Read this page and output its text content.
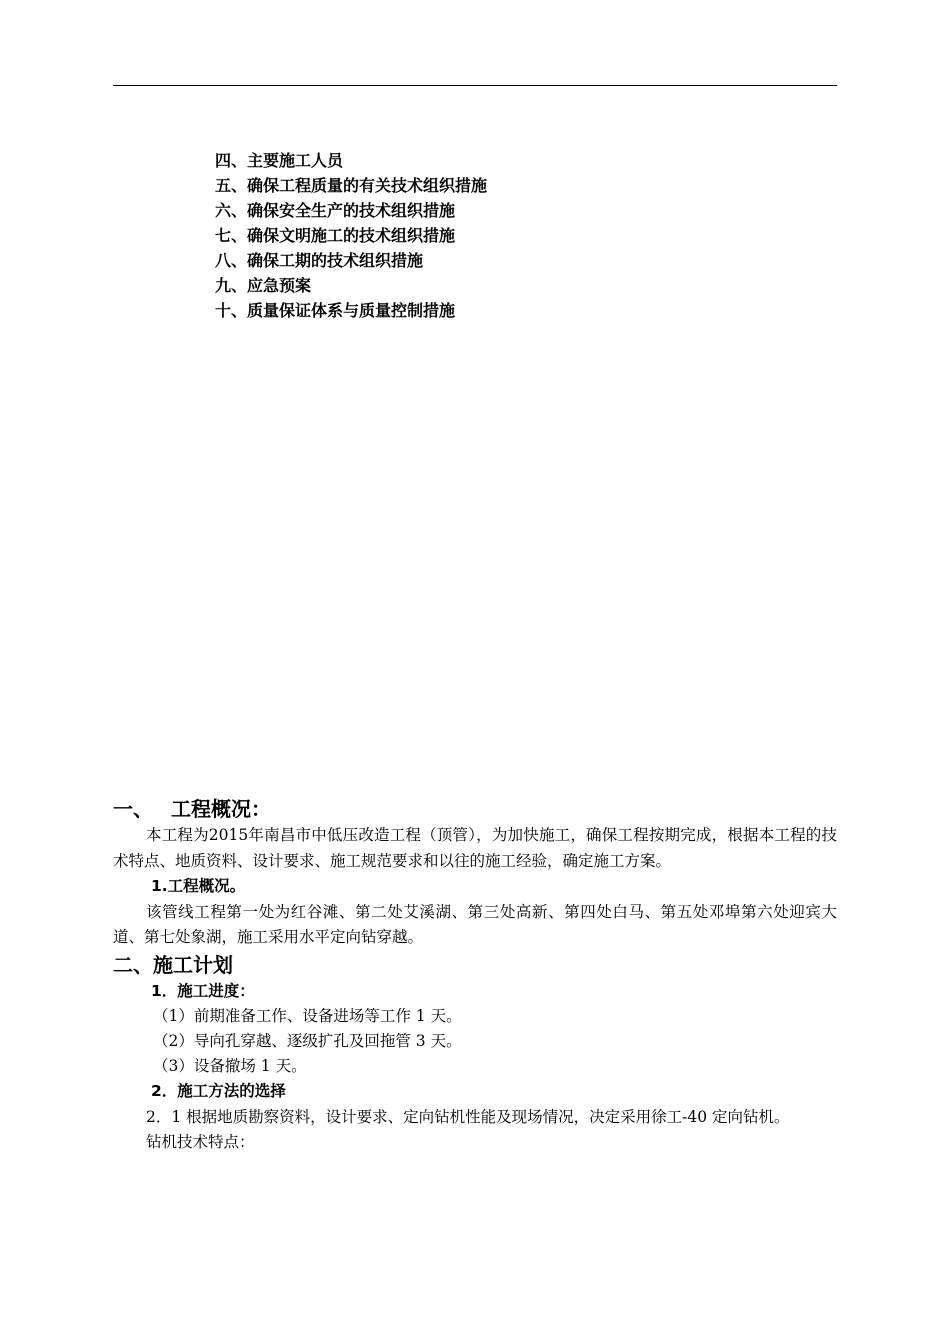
四、主要施工人员
五、确保工程质量的有关技术组织措施
六、确保安全生产的技术组织措施
七、确保文明施工的技术组织措施
八、确保工期的技术组织措施
九、应急预案
十、质量保证体系与质量控制措施
一、 工程概况：

本工程为2015年南昌市中低压改造工程（顶管），为加快施工，确保工程按期完成，根据本工程的技术特点、地质资料、设计要求、施工规范要求和以往的施工经验，确定施工方案。

1.工程概况。

该管线工程第一处为红谷滩、第二处艾溪湖、第三处高新、第四处白马、第五处邓埠第六处迎宾大道、第七处象湖，施工采用水平定向钻穿越。

二、施工计划
1．施工进度：
（1）前期准备工作、设备进场等工作 1 天。
（2）导向孔穿越、逐级扩孔及回拖管 3 天。
（3）设备撤场 1 天。
2．施工方法的选择

2．1 根据地质勘察资料，设计要求、定向钻机性能及现场情况，决定采用徐工-40 定向钻机。

钻机技术特点：
